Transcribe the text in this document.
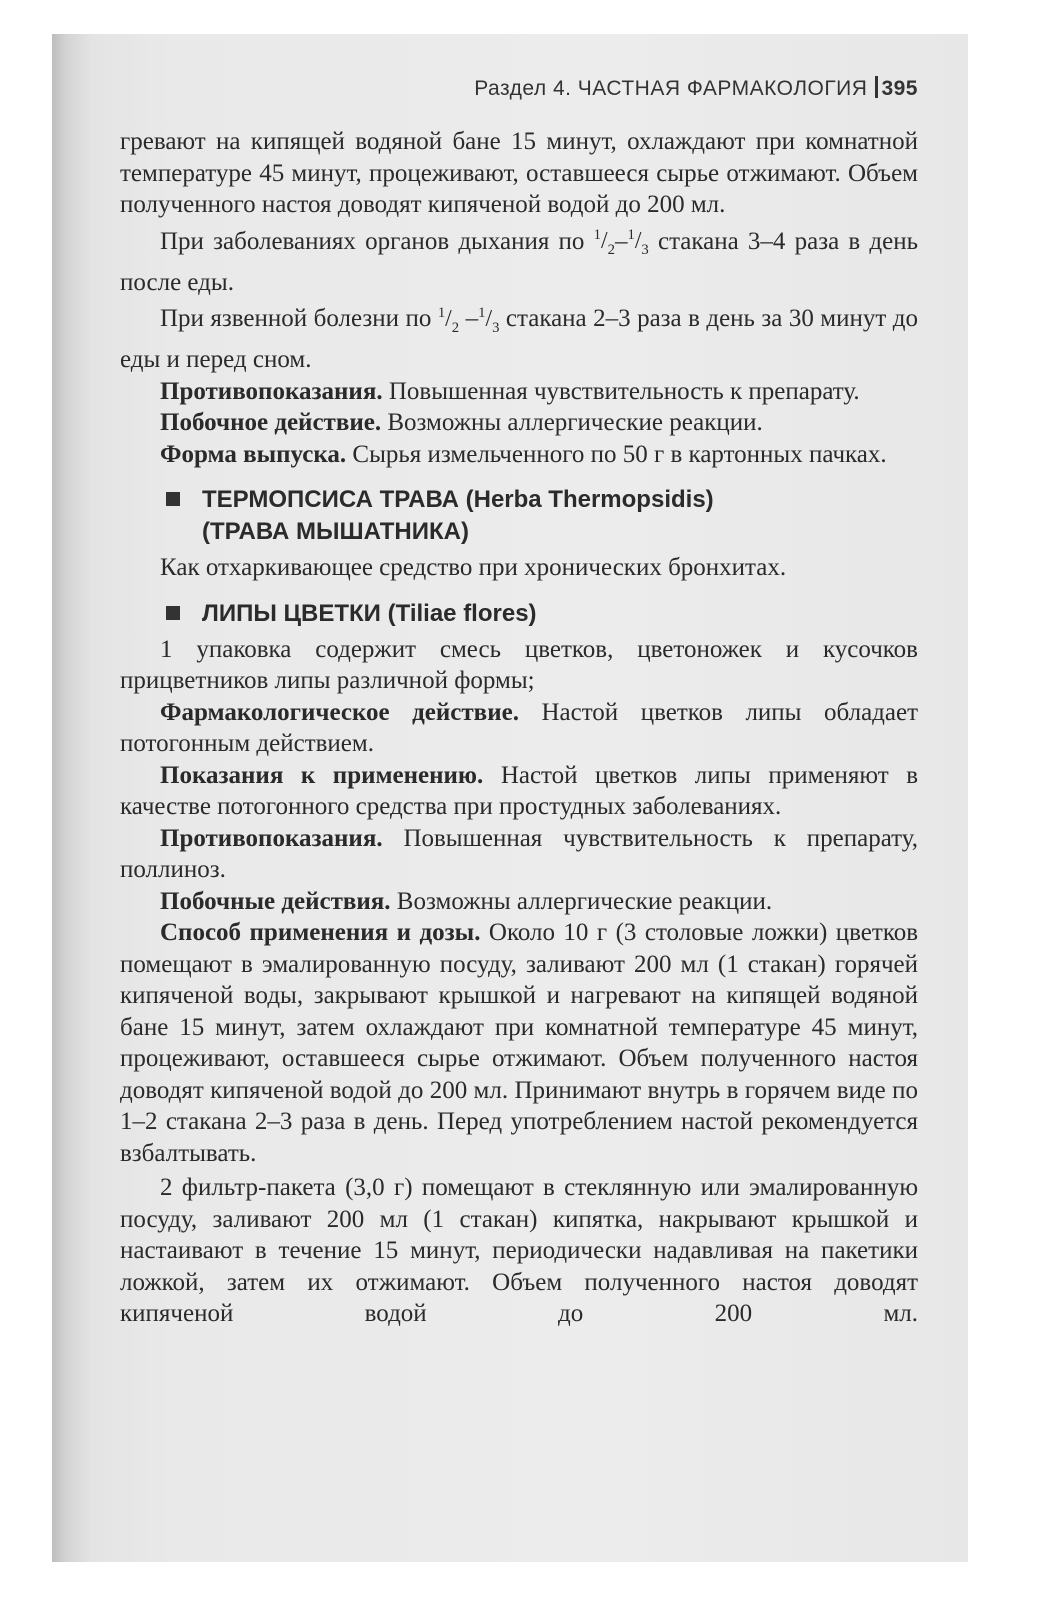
Раздел 4. ЧАСТНАЯ ФАРМАКОЛОГИЯ 395

гревают на кипящей водяной бане 15 минут, охлаждают при комнатной температуре 45 минут, процеживают, оставшееся сырье отжимают. Объем полученного настоя доводят кипяченой водой до 200 мл.

При заболеваниях органов дыхания по $^1/_2-^1/_3$ стакана 3–4 раза в день после еды.

При язвенной болезни по $^1/_2$ $-^1/_3$ стакана 2–3 раза в день за 30 минут до еды и перед сном.

Противопоказания. Повышенная чувствительность к препарату.

Побочное действие. Возможны аллергические реакции.

Форма выпуска. Сырья измельченного по 50 г в картонных пачках.

ТЕРМОПСИСА ТРАВА (Herba Thermopsidis)
(ТРАВА МЫШАТНИКА)

Как отхаркивающее средство при хронических бронхитах.

ЛИПЫ ЦВЕТКИ (Tiliae flores)

1 упаковка содержит смесь цветков, цветоножек и кусочков прицветников липы различной формы;

Фармакологическое действие. Настой цветков липы обладает потогонным действием.

Показания к применению. Настой цветков липы применяют в качестве потогонного средства при простудных заболеваниях.

Противопоказания. Повышенная чувствительность к препарату, поллиноз.

Побочные действия. Возможны аллергические реакции.

Способ применения и дозы. Около 10 г (3 столовые ложки) цветков помещают в эмалированную посуду, заливают 200 мл (1 стакан) горячей кипяченой воды, закрывают крышкой и нагревают на кипящей водяной бане 15 минут, затем охлаждают при комнатной температуре 45 минут, процеживают, оставшееся сырье отжимают. Объем полученного настоя доводят кипяченой водой до 200 мл. Принимают внутрь в горячем виде по 1–2 стакана 2–3 раза в день. Перед употреблением настой рекомендуется взбалтывать.

2 фильтр-пакета (3,0 г) помещают в стеклянную или эмалированную посуду, заливают 200 мл (1 стакан) кипятка, накрывают крышкой и настаивают в течение 15 минут, периодически надавливая на пакетики ложкой, затем их отжимают. Объем полученного настоя доводят кипяченой водой до 200 мл.
